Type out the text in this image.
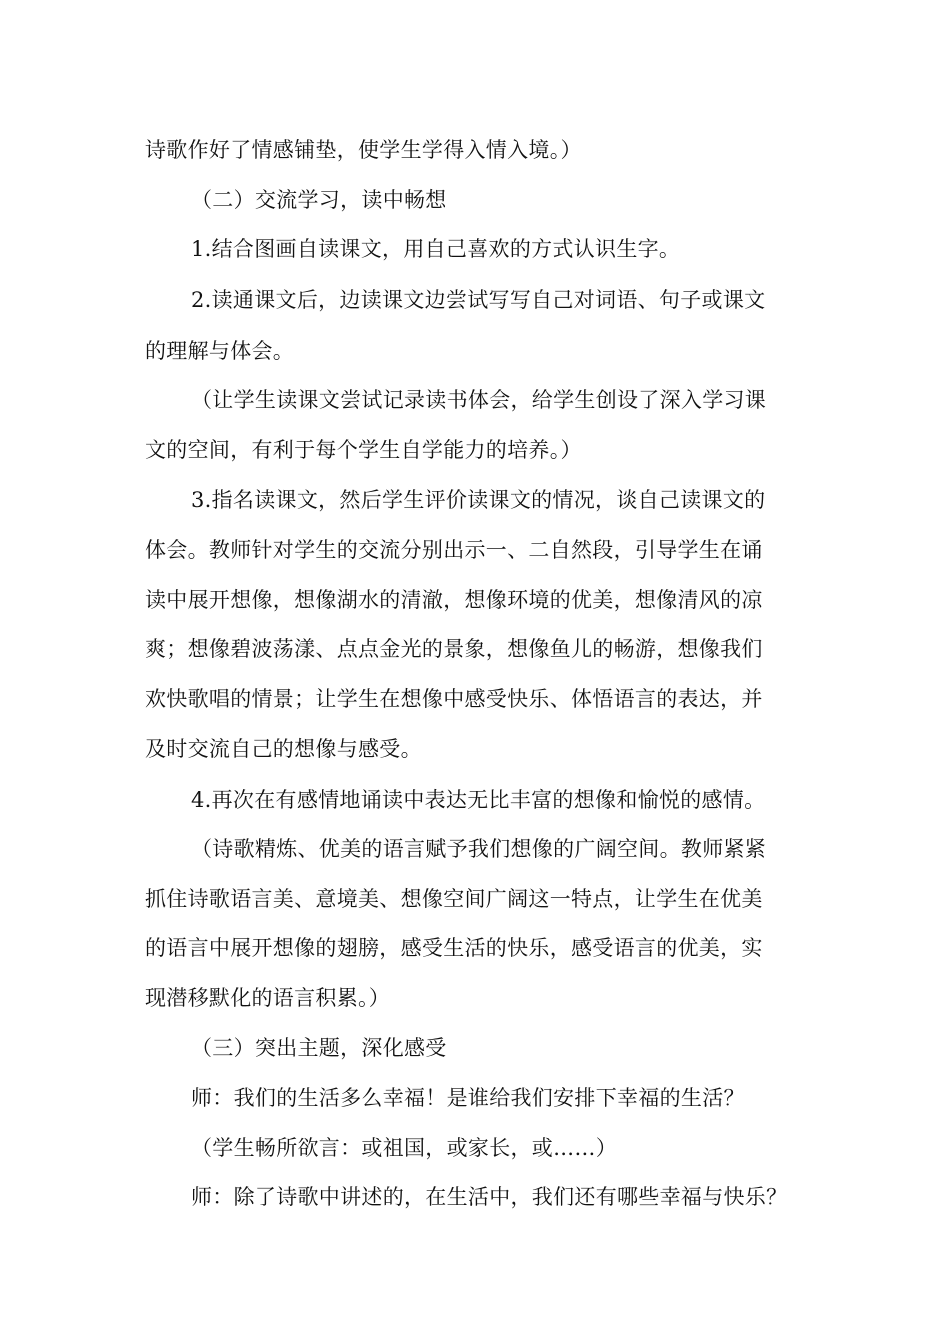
诗歌作好了情感铺垫，使学生学得入情入境。）
（二）交流学习，读中畅想
1.结合图画自读课文，用自己喜欢的方式认识生字。
2.读通课文后，边读课文边尝试写写自己对词语、句子或课文
的理解与体会。
（让学生读课文尝试记录读书体会，给学生创设了深入学习课
文的空间，有利于每个学生自学能力的培养。）
3.指名读课文，然后学生评价读课文的情况，谈自己读课文的
体会。教师针对学生的交流分别出示一、二自然段，引导学生在诵
读中展开想像，想像湖水的清澈，想像环境的优美，想像清风的凉
爽；想像碧波荡漾、点点金光的景象，想像鱼儿的畅游，想像我们
欢快歌唱的情景；让学生在想像中感受快乐、体悟语言的表达，并
及时交流自己的想像与感受。
4.再次在有感情地诵读中表达无比丰富的想像和愉悦的感情。
（诗歌精炼、优美的语言赋予我们想像的广阔空间。教师紧紧
抓住诗歌语言美、意境美、想像空间广阔这一特点，让学生在优美
的语言中展开想像的翅膀，感受生活的快乐，感受语言的优美，实
现潜移默化的语言积累。）
（三）突出主题，深化感受
师：我们的生活多么幸福！是谁给我们安排下幸福的生活？
（学生畅所欲言：或祖国，或家长，或……）
师：除了诗歌中讲述的，在生活中，我们还有哪些幸福与快乐？
